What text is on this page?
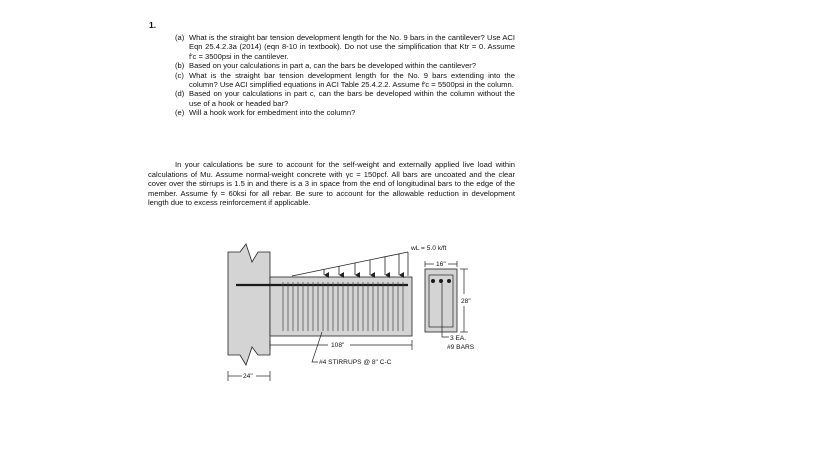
1.
(a) What is the straight bar tension development length for the No. 9 bars in the cantilever? Use ACI Eqn 25.4.2.3a (2014) (eqn 8-10 in textbook). Do not use the simplification that Ktr = 0. Assume f′c = 3500psi in the cantilever.
(b) Based on your calculations in part a, can the bars be developed within the cantilever?
(c) What is the straight bar tension development length for the No. 9 bars extending into the column? Use ACI simplified equations in ACI Table 25.4.2.2. Assume f′c = 5500psi in the column.
(d) Based on your calculations in part c, can the bars be developed within the column without the use of a hook or headed bar?
(e) Will a hook work for embedment into the column?

In your calculations be sure to account for the self-weight and externally applied live load within calculations of Mu. Assume normal-weight concrete with γc = 150pcf. All bars are uncoated and the clear cover over the stirrups is 1.5 in and there is a 3 in space from the end of longitudinal bars to the edge of the member. Assume fy = 60ksi for all rebar. Be sure to account for the allowable reduction in development length due to excess reinforcement if applicable.

wL = 5.0 k/ft
16"
28"
3 EA.
#9 BARS
108"
#4 STIRRUPS @ 8" C-C
24"
